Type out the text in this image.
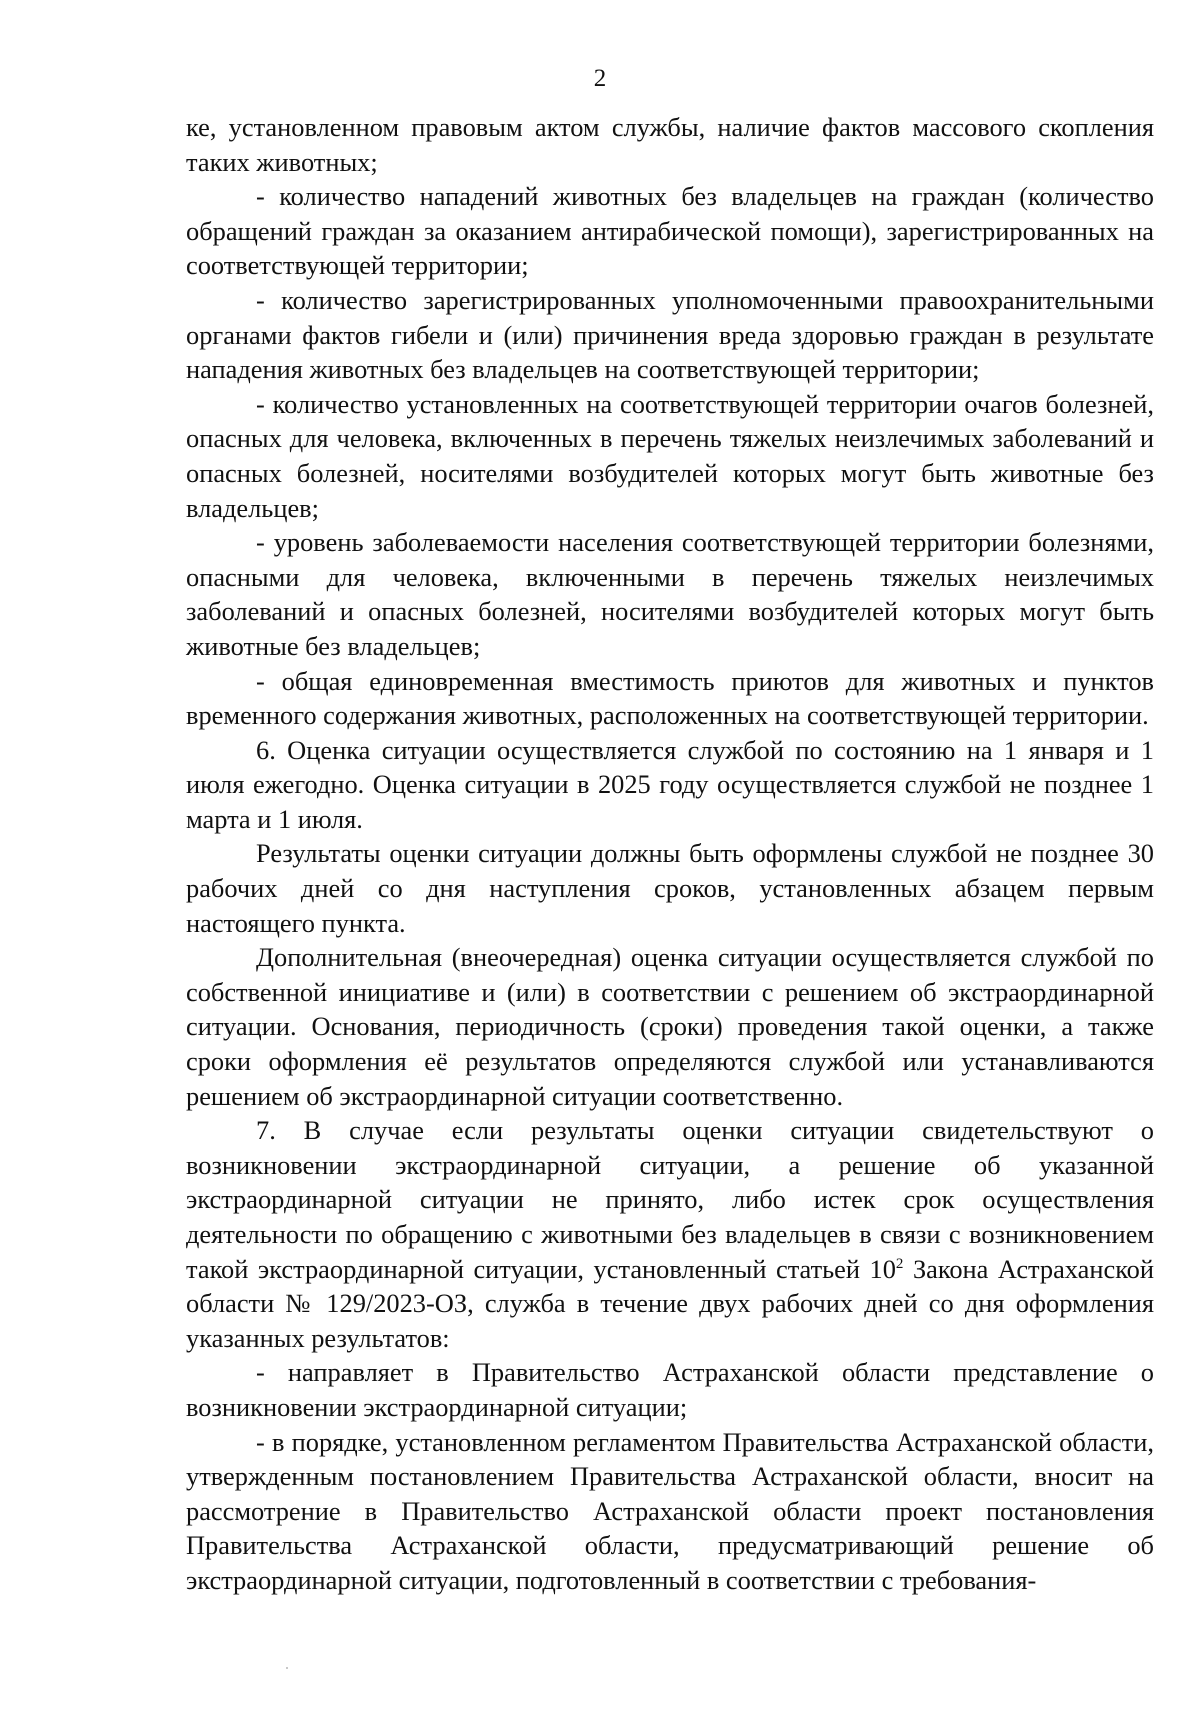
2

ке, установленном правовым актом службы, наличие фактов массового скопления таких животных;

- количество нападений животных без владельцев на граждан (количество обращений граждан за оказанием антирабической помощи), зарегистрированных на соответствующей территории;

- количество зарегистрированных уполномоченными правоохранительными органами фактов гибели и (или) причинения вреда здоровью граждан в результате нападения животных без владельцев на соответствующей территории;

- количество установленных на соответствующей территории очагов болезней, опасных для человека, включенных в перечень тяжелых неизлечимых заболеваний и опасных болезней, носителями возбудителей которых могут быть животные без владельцев;

- уровень заболеваемости населения соответствующей территории болезнями, опасными для человека, включенными в перечень тяжелых неизлечимых заболеваний и опасных болезней, носителями возбудителей которых могут быть животные без владельцев;

- общая единовременная вместимость приютов для животных и пунктов временного содержания животных, расположенных на соответствующей территории.

6. Оценка ситуации осуществляется службой по состоянию на 1 января и 1 июля ежегодно. Оценка ситуации в 2025 году осуществляется службой не позднее 1 марта и 1 июля.

Результаты оценки ситуации должны быть оформлены службой не позднее 30 рабочих дней со дня наступления сроков, установленных абзацем первым настоящего пункта.

Дополнительная (внеочередная) оценка ситуации осуществляется службой по собственной инициативе и (или) в соответствии с решением об экстраординарной ситуации. Основания, периодичность (сроки) проведения такой оценки, а также сроки оформления её результатов определяются службой или устанавливаются решением об экстраординарной ситуации соответственно.

7. В случае если результаты оценки ситуации свидетельствуют о возникновении экстраординарной ситуации, а решение об указанной экстраординарной ситуации не принято, либо истек срок осуществления деятельности по обращению с животными без владельцев в связи с возникновением такой экстраординарной ситуации, установленный статьей $10^2$ Закона Астраханской области № 129/2023-ОЗ, служба в течение двух рабочих дней со дня оформления указанных результатов:

- направляет в Правительство Астраханской области представление о возникновении экстраординарной ситуации;

- в порядке, установленном регламентом Правительства Астраханской области, утвержденным постановлением Правительства Астраханской области, вносит на рассмотрение в Правительство Астраханской области проект постановления Правительства Астраханской области, предусматривающий решение об экстраординарной ситуации, подготовленный в соответствии с требования-
